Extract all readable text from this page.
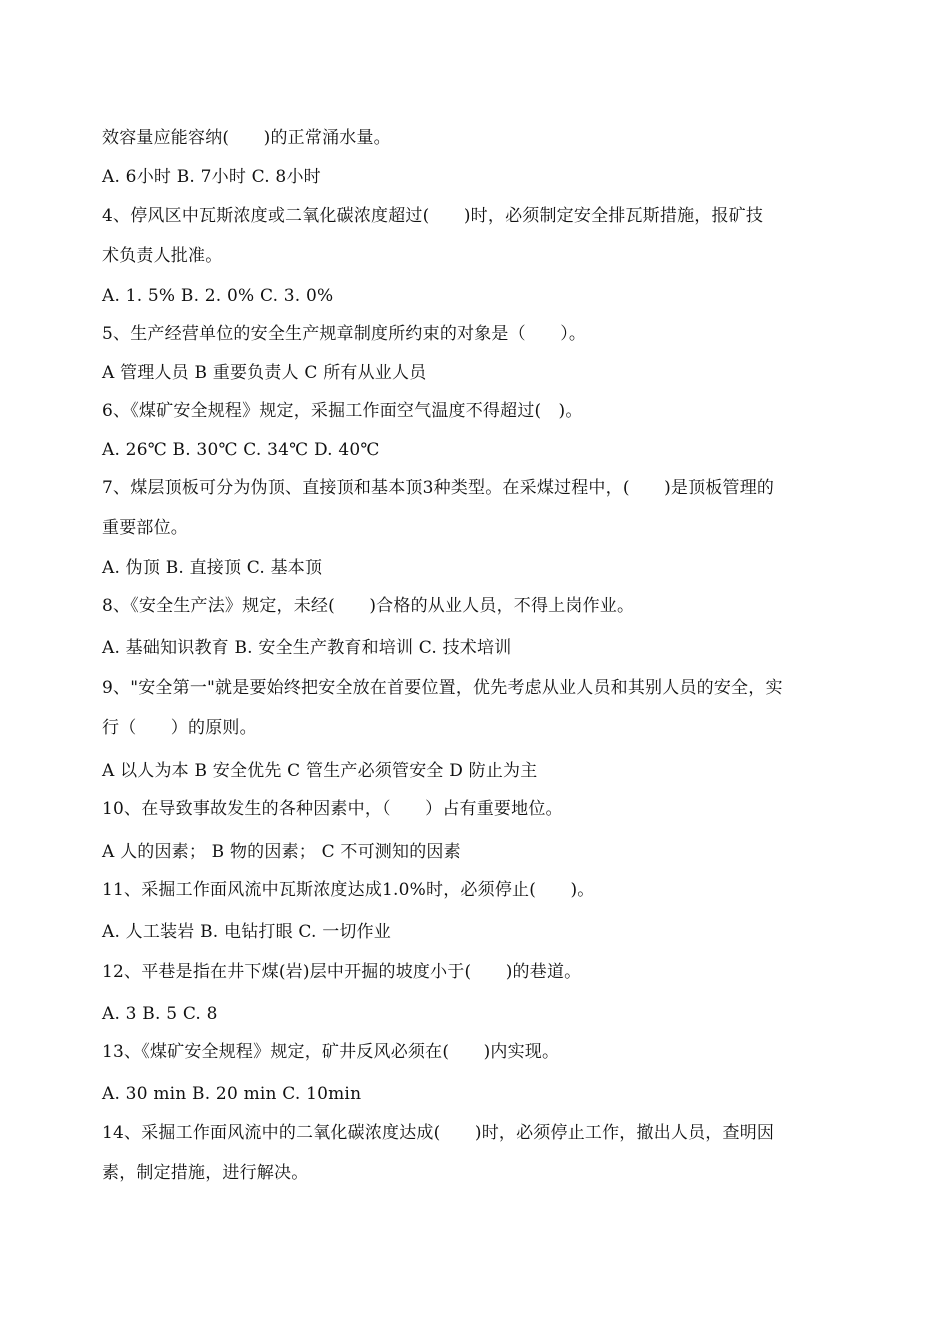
效容量应能容纳(　　)的正常涌水量。
A. 6小时 B. 7小时 C. 8小时
4、停风区中瓦斯浓度或二氧化碳浓度超过(　　)时，必须制定安全排瓦斯措施，报矿技
术负责人批准。
A. 1. 5% B. 2. 0% C. 3. 0%
5、生产经营单位的安全生产规章制度所约束的对象是（　　）。
A 管理人员 B 重要负责人 C 所有从业人员
6、《煤矿安全规程》规定，采掘工作面空气温度不得超过(　)。
A. 26℃ B. 30℃ C. 34℃ D. 40℃
7、煤层顶板可分为伪顶、直接顶和基本顶3种类型。在采煤过程中，(　　)是顶板管理的
重要部位。
A. 伪顶 B. 直接顶 C. 基本顶
8、《安全生产法》规定，未经(　　)合格的从业人员，不得上岗作业。
A. 基础知识教育 B. 安全生产教育和培训 C. 技术培训
9、"安全第一"就是要始终把安全放在首要位置，优先考虑从业人员和其别人员的安全，实
行（　　）的原则。
A 以人为本 B 安全优先 C 管生产必须管安全 D 防止为主
10、在导致事故发生的各种因素中，（　　）占有重要地位。
A 人的因素； B 物的因素； C 不可测知的因素
11、采掘工作面风流中瓦斯浓度达成1.0%时，必须停止(　　)。
A. 人工装岩 B. 电钻打眼 C. 一切作业
12、平巷是指在井下煤(岩)层中开掘的坡度小于(　　)的巷道。
A. 3 B. 5 C. 8
13、《煤矿安全规程》规定，矿井反风必须在(　　)内实现。
A. 30 min B. 20 min C. 10min
14、采掘工作面风流中的二氧化碳浓度达成(　　)时，必须停止工作，撤出人员，查明因
素，制定措施，进行解决。
